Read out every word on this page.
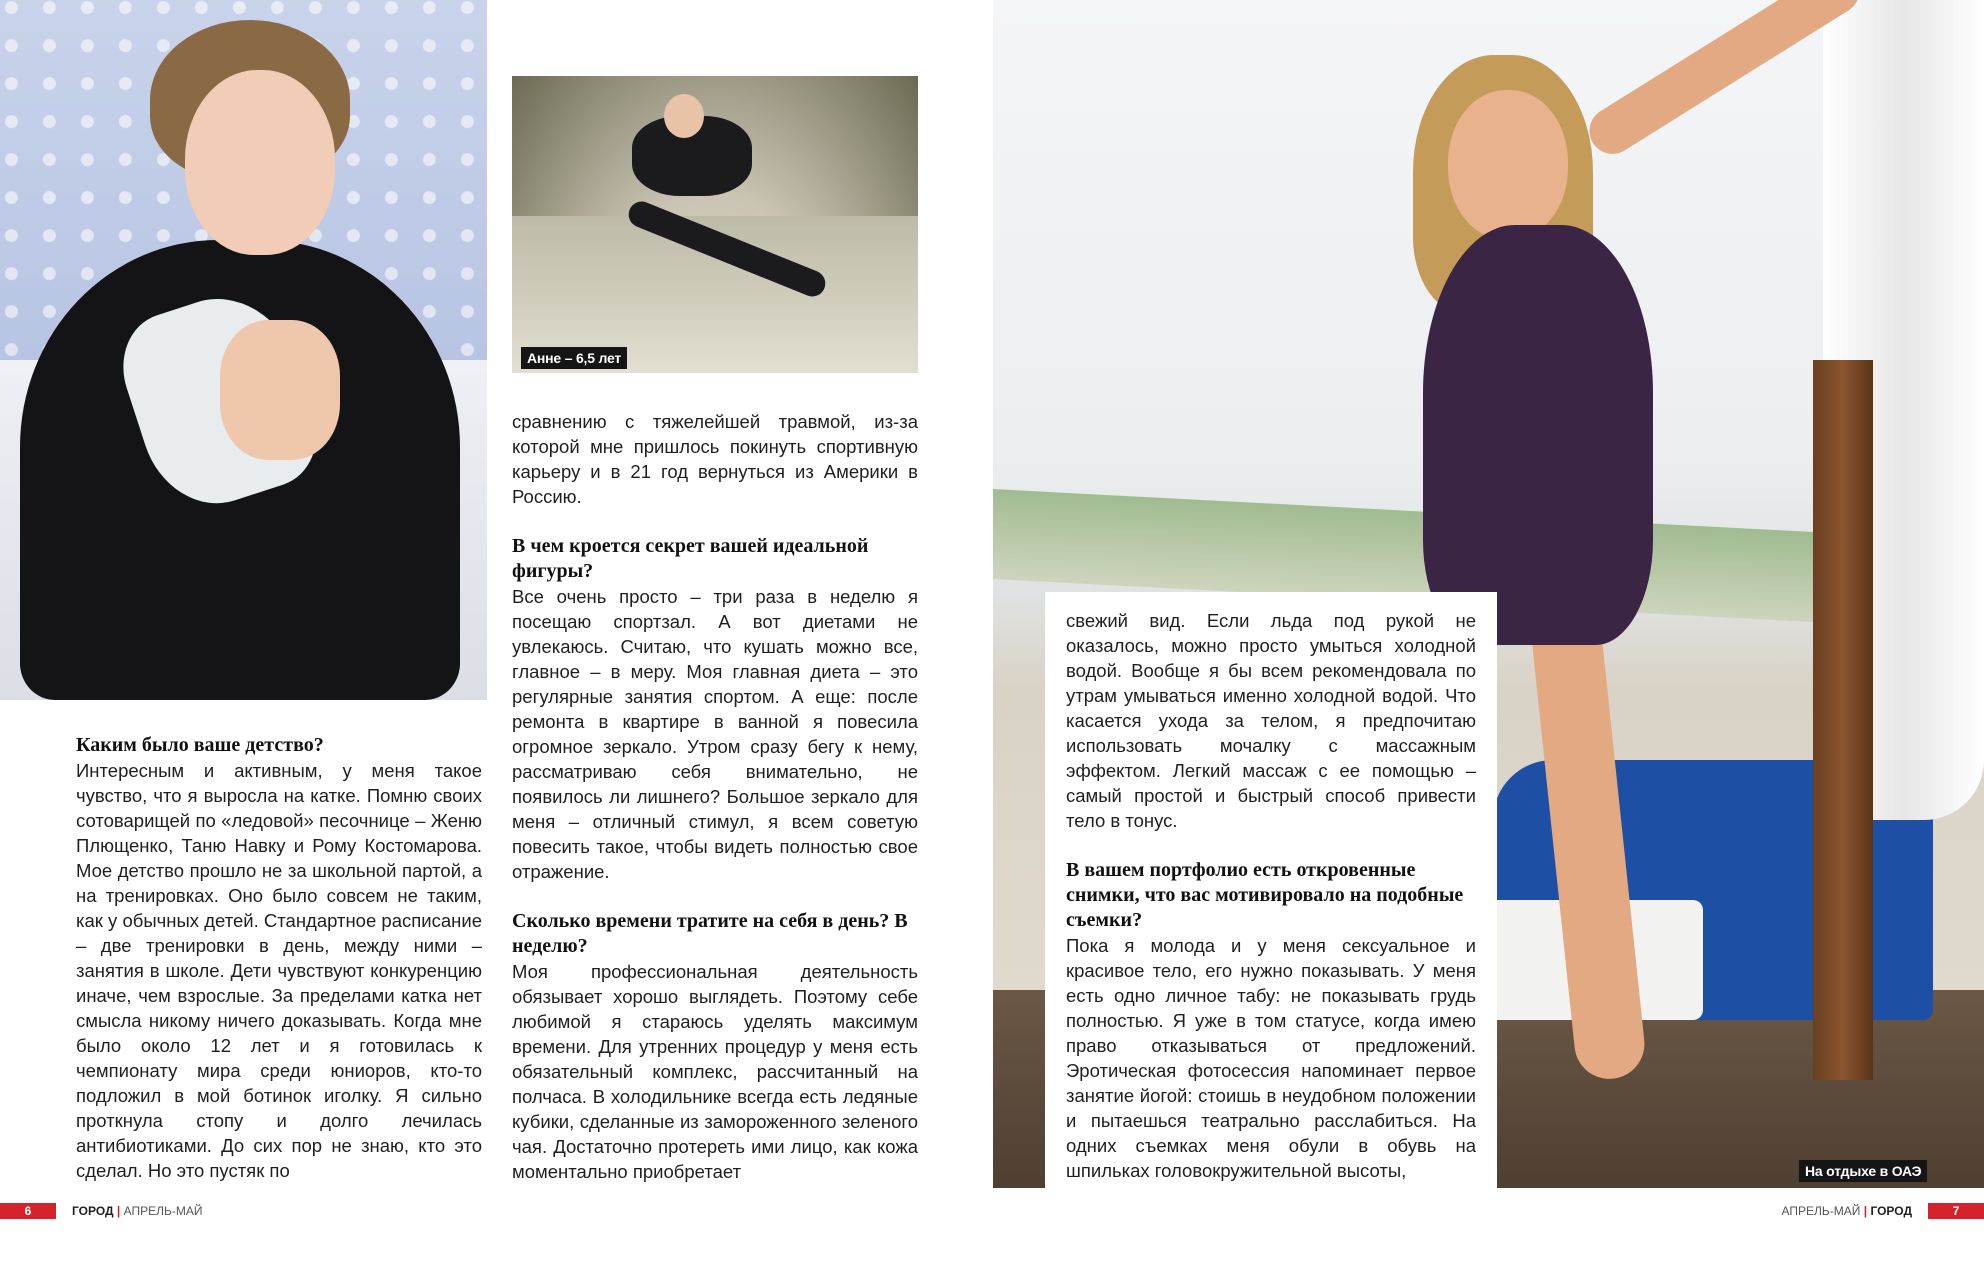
Анне – 6,5 лет
На отдыхе в ОАЭ
Каким было ваше детство?

Интересным и активным, у меня такое чувство, что я выросла на катке. Помню своих сотоварищей по «ледовой» песочнице – Женю Плющенко, Таню Навку и Рому Костомарова. Мое детство прошло не за школьной партой, а на тренировках. Оно было совсем не таким, как у обычных детей. Стандартное расписание – две тренировки в день, между ними – занятия в школе. Дети чувствуют конкуренцию иначе, чем взрослые. За пределами катка нет смысла никому ничего доказывать. Когда мне было около 12 лет и я готовилась к чемпионату мира среди юниоров, кто-то подложил в мой ботинок иголку. Я сильно проткнула стопу и долго лечилась антибиотиками. До сих пор не знаю, кто это сделал. Но это пустяк по

сравнению с тяжелейшей травмой, из-за которой мне пришлось покинуть спортивную карьеру и в 21 год вернуться из Америки в Россию.

В чем кроется секрет вашей идеальной фигуры?

Все очень просто – три раза в неделю я посещаю спортзал. А вот диетами не увлекаюсь. Считаю, что кушать можно все, главное – в меру. Моя главная диета – это регулярные занятия спортом. А еще: после ремонта в квартире в ванной я повесила огромное зеркало. Утром сразу бегу к нему, рассматриваю себя внимательно, не появилось ли лишнего? Большое зеркало для меня – отличный стимул, я всем советую повесить такое, чтобы видеть полностью свое отражение.

Сколько времени тратите на себя в день? В неделю?

Моя профессиональная деятельность обязывает хорошо выглядеть. Поэтому себе любимой я стараюсь уделять максимум времени. Для утренних процедур у меня есть обязательный комплекс, рассчитанный на полчаса. В холодильнике всегда есть ледяные кубики, сделанные из замороженного зеленого чая. Достаточно протереть ими лицо, как кожа моментально приобретает

свежий вид. Если льда под рукой не оказалось, можно просто умыться холодной водой. Вообще я бы всем рекомендовала по утрам умываться именно холодной водой. Что касается ухода за телом, я предпочитаю использовать мочалку с массажным эффектом. Легкий массаж с ее помощью – самый простой и быстрый способ привести тело в тонус.

В вашем портфолио есть откровенные снимки, что вас мотивировало на подобные съемки?

Пока я молода и у меня сексуальное и красивое тело, его нужно показывать. У меня есть одно личное табу: не показывать грудь полностью. Я уже в том статусе, когда имею право отказываться от предложений. Эротическая фотосессия напоминает первое занятие йогой: стоишь в неудобном положении и пытаешься театрально расслабиться. На одних съемках меня обули в обувь на шпильках головокружительной высоты,

6	ГОРОД | АПРЕЛЬ-МАЙ	АПРЕЛЬ-МАЙ | ГОРОД	7
